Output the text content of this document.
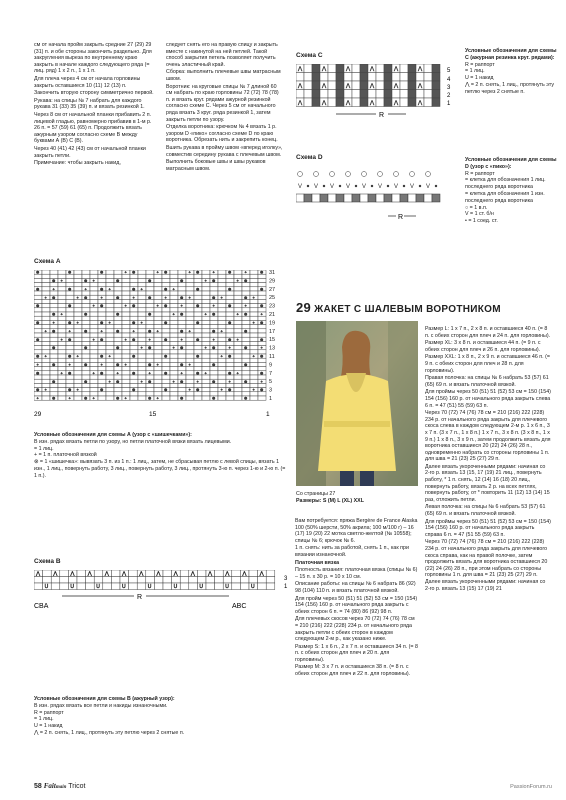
см от начала пройм закрыть средние 27 (29) 29 (31) п. и обе стороны закончить раздельно. Для закругления выреза по внутреннему краю закрыть в начале каждого следующего ряда (= лиц. ряд) 1 х 2 п., 1 х 1 п.

Для плеча через 4 см от начала горловины закрыть оставшиеся 10 (11) 12 (13) п.

Закончить вторую сторону симметрично первой.

Рукава: на спицы № 7 набрать для каждого рукава 31 (33) 35 (39) п. и вязать резинкой 1.

Через 8 см от начальной планки прибавить 2 п. лицевой гладью, равномерно прибавив в 1-м р. 26 п. = 57 (59) 61 (65) п. Продолжить вязать ажурным узором согласно схеме В между буквами А (В) С (В).

Через 40 (41) 42 (43) см от начальной планки закрыть петли.

Примечание: чтобы закрыть накид,

следует снять его на правую спицу и закрыть вместе с накинутой на ней петлей. Такой способ закрытия петель позволяет получить очень эластичный край.

Сборка: выполнить плечевые швы матрасным швом.

Воротник: на круговые спицы № 7 длиной 60 см набрать по краю горловины 72 (72) 78 (78) п. и вязать круг. рядами ажурной резинкой согласно схеме С. Через 5 см от начального ряда вязать 3 круг. ряда резинкой 1, затем закрыть петли по узору.

Отделка воротника: крючком № 4 вязать 1 р. узором D «пико» согласно схеме D по краю воротника. Обрезать нить и закрепить конец.

Вшить рукава в пройму швом «вперед иголку», совместив середину рукава с плечевым швом.

Выполнить боковые швы и швы рукавов матрасным швом.

Схема С
⋀	⋀	⋀	⋀	⋀	⋀
⋀	⋀	⋀	⋀	⋀	⋀
⋀	⋀	⋀	⋀	⋀	⋀
5
4
3
2
1
R
Схема D
V V V V V V V V V
R
Условные обозначения для схемы С (ажурная резинка круг. рядами):
R = раппорт
= 1 лиц.
U = 1 накид
⋀ = 2 п. снять, 1 лиц., протянуть эту петлю через 2 снятые п.
Условные обозначения для схемы D (узор с «пико»):
R = раппорт
= клетка для обозначения 1 лиц. последнего ряда воротника
= клетка для обозначения 1 изн. последнего ряда воротника
○ = 1 в.п.
V = 1 ст. б/н
• = 1 соед. ст.
Схема А
⊗	⊗	⊗	+ ⊗	+ ⊗	+ ⊗	+	⊗	+	⊗
⊗ +	⊗ +	⊗	⊗	⊗	+ ⊗	+ ⊗
⊗	+	⊗	+	⊗ +	⊗ +	⊗ +	⊗	⊗	⊗
+ ⊗	+ ⊗	+	⊗	+	⊗	+	⊗ +	⊗ +	⊗ +
⊗	⊗	+ ⊗	+ ⊗	+ ⊗	+	⊗	+	⊗	+	⊗
⊗ +	⊗	⊗	⊗	+ ⊗	+ ⊗	+ ⊗	+
⊗	+	⊗ +	⊗ +	⊗ +	⊗	⊗	⊗	+ ⊗
+ ⊗	+	⊗	+	⊗	+	⊗ +	⊗ +	⊗ +	⊗
⊗	+ ⊗	+ ⊗	+ ⊗	+	⊗	+	⊗	+	⊗ +	⊗
⊗	⊗	⊗	+ ⊗	+ ⊗	+ ⊗	+	⊗	+
⊗ +	⊗ +	⊗ +	⊗	⊗	⊗	+ ⊗	+ ⊗
+	⊗	+	⊗	+	⊗ +	⊗ +	⊗ +	⊗	⊗
⊗	+ ⊗	+ ⊗	+	⊗	+	⊗	+	⊗ +	⊗ +	⊗
⊗	⊗	+ ⊗	+ ⊗	+ ⊗	+	⊗	+	⊗	+
⊗ +	⊗ +	⊗	⊗	⊗	+ ⊗	+ ⊗	+ ⊗
+	⊗	+	⊗ +	⊗ +	⊗ +	⊗	⊗	⊗
31
29
27
25
23
21
19
17
15
13
11
9
7
5
3
1
29	15	1
Условные обозначения для схемы А (узор с «шишечками»):
В изн. рядах вязать петли по узору, но петли платочной вязки вязать лицевыми.
= 1 лиц.
+ = 1 п. платочной вязкой
⊗ = 1 «шишечка»: вывязать 3 п. из 1 п.: 1 лиц., затем, не сбрасывая петлю с левой спицы, вязать 1 изн., 1 лиц., повернуть работу, 3 лиц., повернуть работу, 3 лиц., протянуть 3-ю п. через 1-ю и 2-ю п. (= 1 п.).
Схема В
⋀	⋀	⋀	⋀	⋀	⋀	⋀	⋀	⋀	⋀	⋀	⋀	⋀	⋀
U	U	U	U	U	U	U	U	U
3
1
CBA	ABC
R
Условные обозначения для схемы В (ажурный узор):
В изн. рядах вязать все петли и накиды изнаночными.
R = раппорт
= 1 лиц.
U = 1 накид
⋀ = 2 п. снять, 1 лиц., протянуть эту петлю через 2 снятые п.
29 ЖАКЕТ С ШАЛЕВЫМ ВОРОТНИКОМ
Со страницы 27
Размеры: S (M) L (XL) XXL

Вам потребуется: пряжа Bergère de France Alaska 100 (50% шерсти, 50% акрила; 100 м/100 г) – 16 (17) 19 (20) 22 мотка светло-желтой (№ 10558); спицы № 6; крючок № 6.

1 п. снять: нить за работой, снять 1 п., как при вязании изнаночной.

Платочная вязка

Плотность вязания: платочная вязка (спицы № 6) – 15 п. x 30 р. = 10 x 10 см.

Описание работы: на спицы № 6 набрать 86 (92) 98 (104) 110 п. и вязать платочной вязкой.

Для пройм через 50 (51) 51 (52) 53 см = 150 (154) 154 (156) 160 р. от начального ряда закрыть с обеих сторон 6 п. = 74 (80) 86 (92) 98 п.

Для плечевых скосов через 70 (72) 74 (76) 78 см = 210 (216) 222 (228) 234 р. от начального ряда закрыть петли с обеих сторон в каждом следующем 2-м р., как указано ниже.

Размер S: 1 х 6 п., 2 х 7 п. и оставшиеся 34 п. (= 8 п. с обеих сторон для плеч и 20 п. для горловины).

Размер М: 3 х 7 п. и оставшиеся 38 п. (= 8 п. с обеих сторон для плеч и 22 п. для горловины).

Размер L: 1 х 7 п., 2 х 8 п. и оставшиеся 40 п. (= 8 п. с обеих сторон для плеч и 24 п. для горловины).

Размер XL: 3 х 8 п. и оставшиеся 44 п. (= 9 п. с обеих сторон для плеч и 26 п. для горловины).

Размер XXL: 1 х 8 п., 2 х 9 п. и оставшиеся 46 п. (= 9 п. с обеих сторон для плеч и 28 п. для горловины).

Правая полочка: на спицы № 6 набрать 53 (57) 61 (65) 69 п. и вязать платочной вязкой.

Для проймы через 50 (51) 51 (52) 53 см = 150 (154) 154 (156) 160 р. от начального ряда закрыть слева 6 п. = 47 (51) 55 (59) 63 п.

Через 70 (72) 74 (76) 78 см = 210 (216) 222 (228) 234 р. от начального ряда закрыть для плечевого скоса слева в каждом следующем 2-м р. 1 х 6 п., 3 х 7 п. (3 х 7 п., 1 х 8 п.) 1 х 7 п., 3 х 8 п. (3 х 8 п., 1 х 9 п.) 1 х 8 п., 3 х 9 п., затем продолжить вязать для воротника оставшиеся 20 (22) 24 (26) 28 п., одновременно набрать со стороны горловины 1 п. для шва = 21 (23) 25 (27) 29 п.

Далее вязать укороченными рядами: начиная со 2-го р. вязать 13 (15, 17 (19) 21 лиц., повернуть работу, * 1 п. снять, 12 (14) 16 (18) 20 лиц., повернуть работу, вязать 2 р. на всех петлях, повернуть работу, от * повторить 11 (12) 13 (14) 15 раз, отложить петли.

Левая полочка: на спицы № 6 набрать 53 (57) 61 (65) 69 п. и вязать платочной вязкой.

Для проймы через 50 (51) 51 (52) 53 см = 150 (154) 154 (156) 160 р. от начального ряда закрыть справа 6 п. = 47 (51 55 (59) 63 п.

Через 70 (72) 74 (76) 78 см = 210 (216) 222 (228) 234 р. от начального ряда закрыть для плечевого скоса справа, как на правой полочке, затем продолжить вязать для воротника оставшиеся 20 (22) 24 (26) 28 п., при этом набрать со стороны горловины 1 п. для шва = 21 (23) 25 (27) 29 п. Далее вязать укороченными рядами: начиная со 2-го р. вязать 13 (15) 17 (19) 21

58 Faitmain Tricot	PassionForum.ru
